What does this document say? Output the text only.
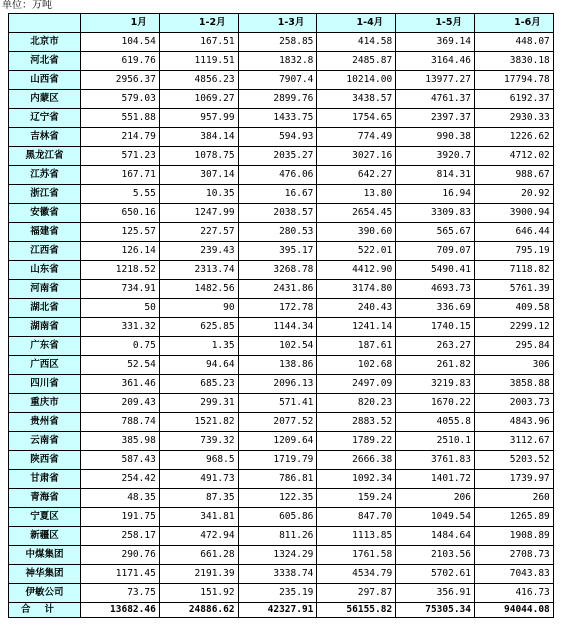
单位：万吨
	1月	1-2月	1-3月	1-4月	1-5月	1-6月
北京市	104.54	167.51	258.85	414.58	369.14	448.07
河北省	619.76	1119.51	1832.8	2485.87	3164.46	3830.18
山西省	2956.37	4856.23	7907.4	10214.00	13977.27	17794.78
内蒙区	579.03	1069.27	2899.76	3438.57	4761.37	6192.37
辽宁省	551.88	957.99	1433.75	1754.65	2397.37	2930.33
吉林省	214.79	384.14	594.93	774.49	990.38	1226.62
黑龙江省	571.23	1078.75	2035.27	3027.16	3920.7	4712.02
江苏省	167.71	307.14	476.06	642.27	814.31	988.67
浙江省	5.55	10.35	16.67	13.80	16.94	20.92
安徽省	650.16	1247.99	2038.57	2654.45	3309.83	3900.94
福建省	125.57	227.57	280.53	390.60	565.67	646.44
江西省	126.14	239.43	395.17	522.01	709.07	795.19
山东省	1218.52	2313.74	3268.78	4412.90	5490.41	7118.82
河南省	734.91	1482.56	2431.86	3174.80	4693.73	5761.39
湖北省	50	90	172.78	240.43	336.69	409.58
湖南省	331.32	625.85	1144.34	1241.14	1740.15	2299.12
广东省	0.75	1.35	102.54	187.61	263.27	295.84
广西区	52.54	94.64	138.86	102.68	261.82	306
四川省	361.46	685.23	2096.13	2497.09	3219.83	3858.88
重庆市	209.43	299.31	571.41	820.23	1670.22	2003.73
贵州省	788.74	1521.82	2077.52	2883.52	4055.8	4843.96
云南省	385.98	739.32	1209.64	1789.22	2510.1	3112.67
陕西省	587.43	968.5	1719.79	2666.38	3761.83	5203.52
甘肃省	254.42	491.73	786.81	1092.34	1401.72	1739.97
青海省	48.35	87.35	122.35	159.24	206	260
宁夏区	191.75	341.81	605.86	847.70	1049.54	1265.89
新疆区	258.17	472.94	811.26	1113.85	1484.64	1908.89
中煤集团	290.76	661.28	1324.29	1761.58	2103.56	2708.73
神华集团	1171.45	2191.39	3338.74	4534.79	5702.61	7043.83
伊敏公司	73.75	151.92	235.19	297.87	356.91	416.73
合计	13682.46	24886.62	42327.91	56155.82	75305.34	94044.08
